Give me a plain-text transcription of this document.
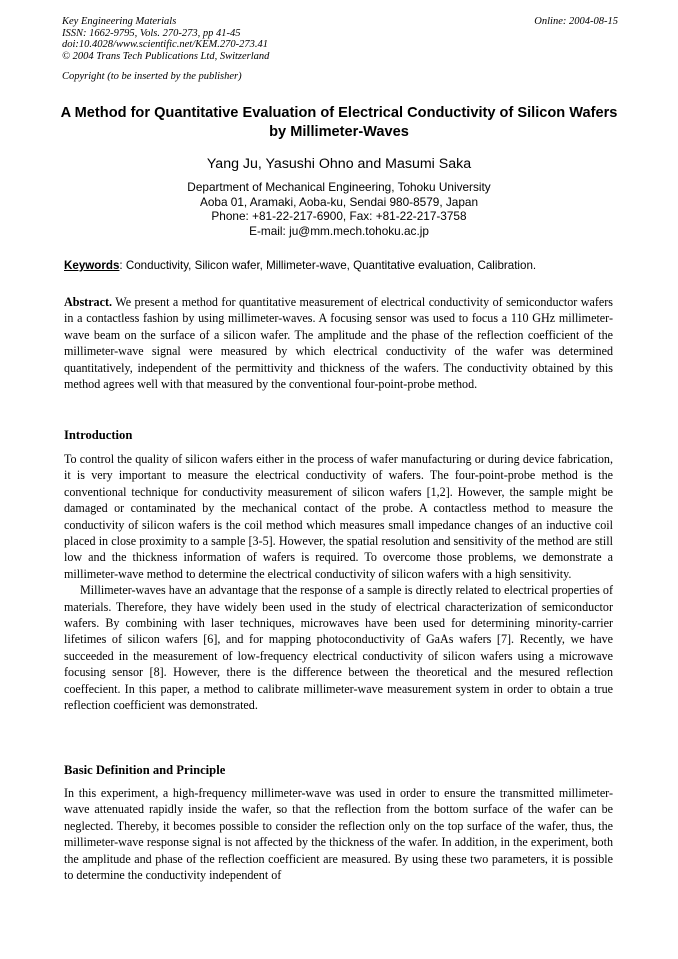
Key Engineering Materials
ISSN: 1662-9795, Vols. 270-273, pp 41-45
doi:10.4028/www.scientific.net/KEM.270-273.41
© 2004 Trans Tech Publications Ltd, Switzerland
Online: 2004-08-15
Copyright (to be inserted by the publisher)
A Method for Quantitative Evaluation of Electrical Conductivity of Silicon Wafers by Millimeter-Waves
Yang Ju, Yasushi Ohno and Masumi Saka
Department of Mechanical Engineering, Tohoku University
Aoba 01, Aramaki, Aoba-ku, Sendai 980-8579, Japan
Phone: +81-22-217-6900, Fax: +81-22-217-3758
E-mail: ju@mm.mech.tohoku.ac.jp
Keywords: Conductivity, Silicon wafer, Millimeter-wave, Quantitative evaluation, Calibration.
Abstract. We present a method for quantitative measurement of electrical conductivity of semiconductor wafers in a contactless fashion by using millimeter-waves. A focusing sensor was used to focus a 110 GHz millimeter-wave beam on the surface of a silicon wafer. The amplitude and the phase of the reflection coefficient of the millimeter-wave signal were measured by which electrical conductivity of the wafer was determined quantitatively, independent of the permittivity and thickness of the wafers. The conductivity obtained by this method agrees well with that measured by the conventional four-point-probe method.
Introduction

To control the quality of silicon wafers either in the process of wafer manufacturing or during device fabrication, it is very important to measure the electrical conductivity of wafers. The four-point-probe method is the conventional technique for conductivity measurement of silicon wafers [1,2]. However, the sample might be damaged or contaminated by the mechanical contact of the probe. A contactless method to measure the conductivity of silicon wafers is the coil method which measures small impedance changes of an inductive coil placed in close proximity to a sample [3-5]. However, the spatial resolution and sensitivity of the method are still low and the thickness information of wafers is required. To overcome those problems, we demonstrate a millimeter-wave method to determine the electrical conductivity of silicon wafers with a high sensitivity.

Millimeter-waves have an advantage that the response of a sample is directly related to electrical properties of materials. Therefore, they have widely been used in the study of electrical characterization of semiconductor wafers. By combining with laser techniques, microwaves have been used for determining minority-carrier lifetimes of silicon wafers [6], and for mapping photoconductivity of GaAs wafers [7]. Recently, we have succeeded in the measurement of low-frequency electrical conductivity of silicon wafers using a microwave focusing sensor [8]. However, there is the difference between the theoretical and the mesured reflection coeffecient. In this paper, a method to calibrate millimeter-wave measurement system in order to obtain a true reflection coefficient was demonstrated.

Basic Definition and Principle

In this experiment, a high-frequency millimeter-wave was used in order to ensure the transmitted millimeter-wave attenuated rapidly inside the wafer, so that the reflection from the bottom surface of the wafer can be neglected. Thereby, it becomes possible to consider the reflection only on the top surface of the wafer, thus, the millimeter-wave response signal is not affected by the thickness of the wafer. In addition, in the experiment, both the amplitude and phase of the reflection coefficient are measured. By using these two parameters, it is possible to determine the conductivity independent of
